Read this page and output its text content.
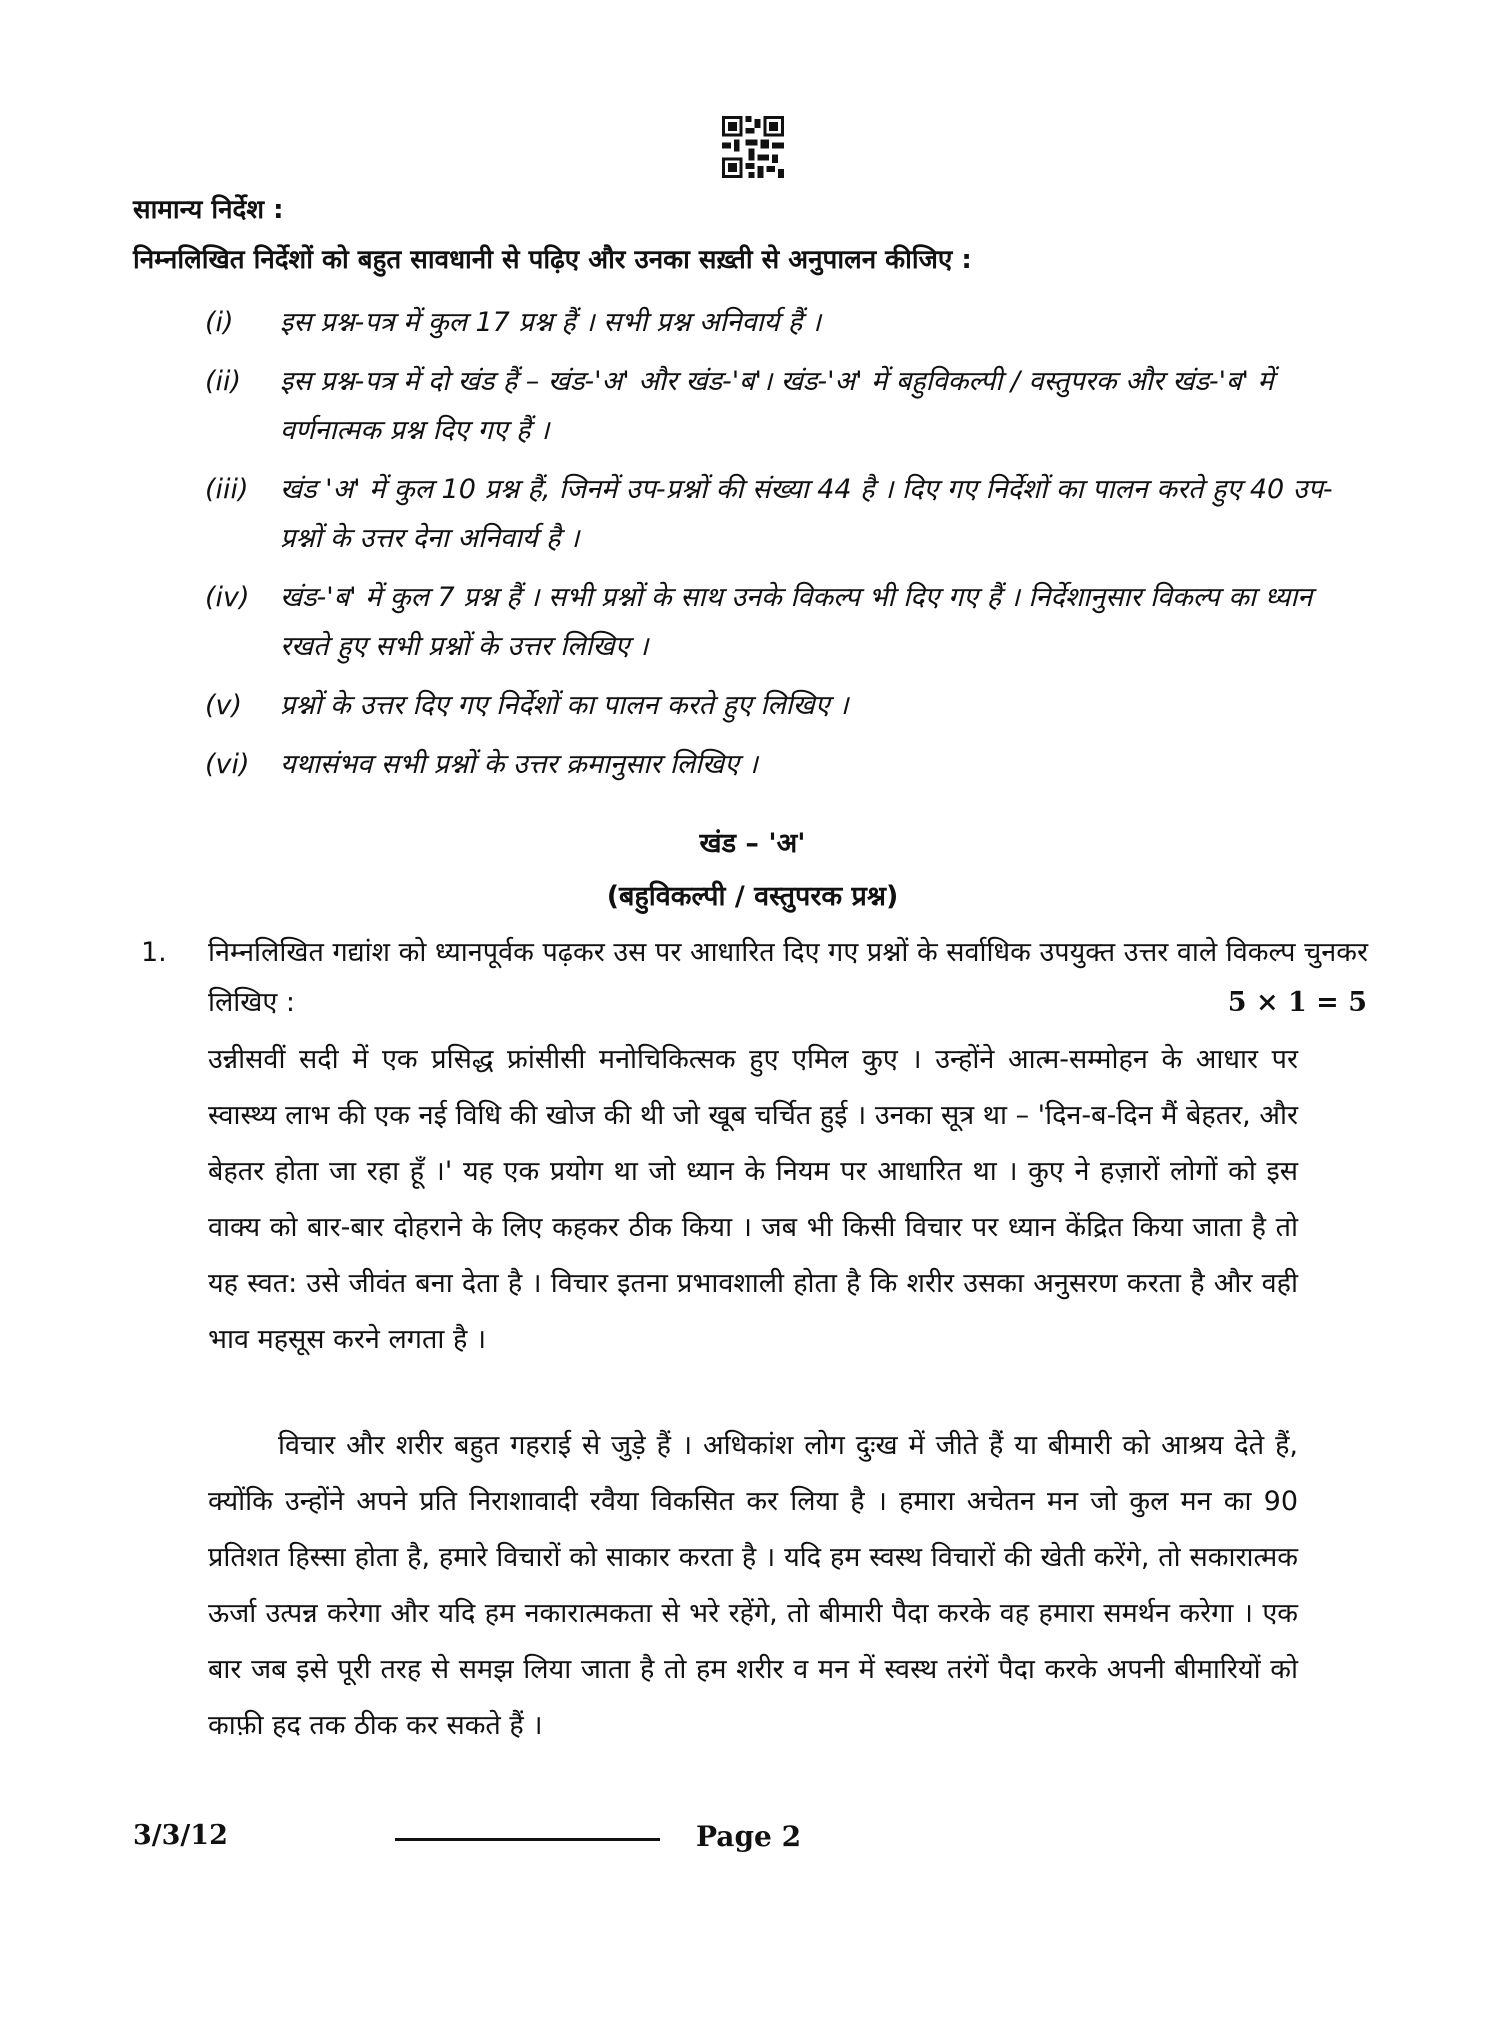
सामान्य निर्देश :
निम्नलिखित निर्देशों को बहुत सावधानी से पढ़िए और उनका सख़्ती से अनुपालन कीजिए :
(i) इस प्रश्न-पत्र में कुल 17 प्रश्न हैं । सभी प्रश्न अनिवार्य हैं ।
(ii) इस प्रश्न-पत्र में दो खंड हैं – खंड-'अ' और खंड-'ब'। खंड-'अ' में बहुविकल्पी / वस्तुपरक और खंड-'ब' में वर्णनात्मक प्रश्न दिए गए हैं ।
(iii) खंड 'अ' में कुल 10 प्रश्न हैं, जिनमें उप-प्रश्नों की संख्या 44 है । दिए गए निर्देशों का पालन करते हुए 40 उप-प्रश्नों के उत्तर देना अनिवार्य है ।
(iv) खंड-'ब' में कुल 7 प्रश्न हैं । सभी प्रश्नों के साथ उनके विकल्प भी दिए गए हैं । निर्देशानुसार विकल्प का ध्यान रखते हुए सभी प्रश्नों के उत्तर लिखिए ।
(v) प्रश्नों के उत्तर दिए गए निर्देशों का पालन करते हुए लिखिए ।
(vi) यथासंभव सभी प्रश्नों के उत्तर क्रमानुसार लिखिए ।
खंड – 'अ'
(बहुविकल्पी / वस्तुपरक प्रश्न)
1. निम्नलिखित गद्यांश को ध्यानपूर्वक पढ़कर उस पर आधारित दिए गए प्रश्नों के सर्वाधिक उपयुक्त उत्तर वाले विकल्प चुनकर लिखिए :	5 × 1 = 5
उन्नीसवीं सदी में एक प्रसिद्ध फ्रांसीसी मनोचिकित्सक हुए एमिल कुए । उन्होंने आत्म-सम्मोहन के आधार पर स्वास्थ्य लाभ की एक नई विधि की खोज की थी जो खूब चर्चित हुई । उनका सूत्र था – 'दिन-ब-दिन मैं बेहतर, और बेहतर होता जा रहा हूँ ।' यह एक प्रयोग था जो ध्यान के नियम पर आधारित था । कुए ने हज़ारों लोगों को इस वाक्य को बार-बार दोहराने के लिए कहकर ठीक किया । जब भी किसी विचार पर ध्यान केंद्रित किया जाता है तो यह स्वत: उसे जीवंत बना देता है । विचार इतना प्रभावशाली होता है कि शरीर उसका अनुसरण करता है और वही भाव महसूस करने लगता है ।
विचार और शरीर बहुत गहराई से जुड़े हैं । अधिकांश लोग दुःख में जीते हैं या बीमारी को आश्रय देते हैं, क्योंकि उन्होंने अपने प्रति निराशावादी रवैया विकसित कर लिया है । हमारा अचेतन मन जो कुल मन का 90 प्रतिशत हिस्सा होता है, हमारे विचारों को साकार करता है । यदि हम स्वस्थ विचारों की खेती करेंगे, तो सकारात्मक ऊर्जा उत्पन्न करेगा और यदि हम नकारात्मकता से भरे रहेंगे, तो बीमारी पैदा करके वह हमारा समर्थन करेगा । एक बार जब इसे पूरी तरह से समझ लिया जाता है तो हम शरीर व मन में स्वस्थ तरंगें पैदा करके अपनी बीमारियों को काफ़ी हद तक ठीक कर सकते हैं ।
3/3/12	Page 2
